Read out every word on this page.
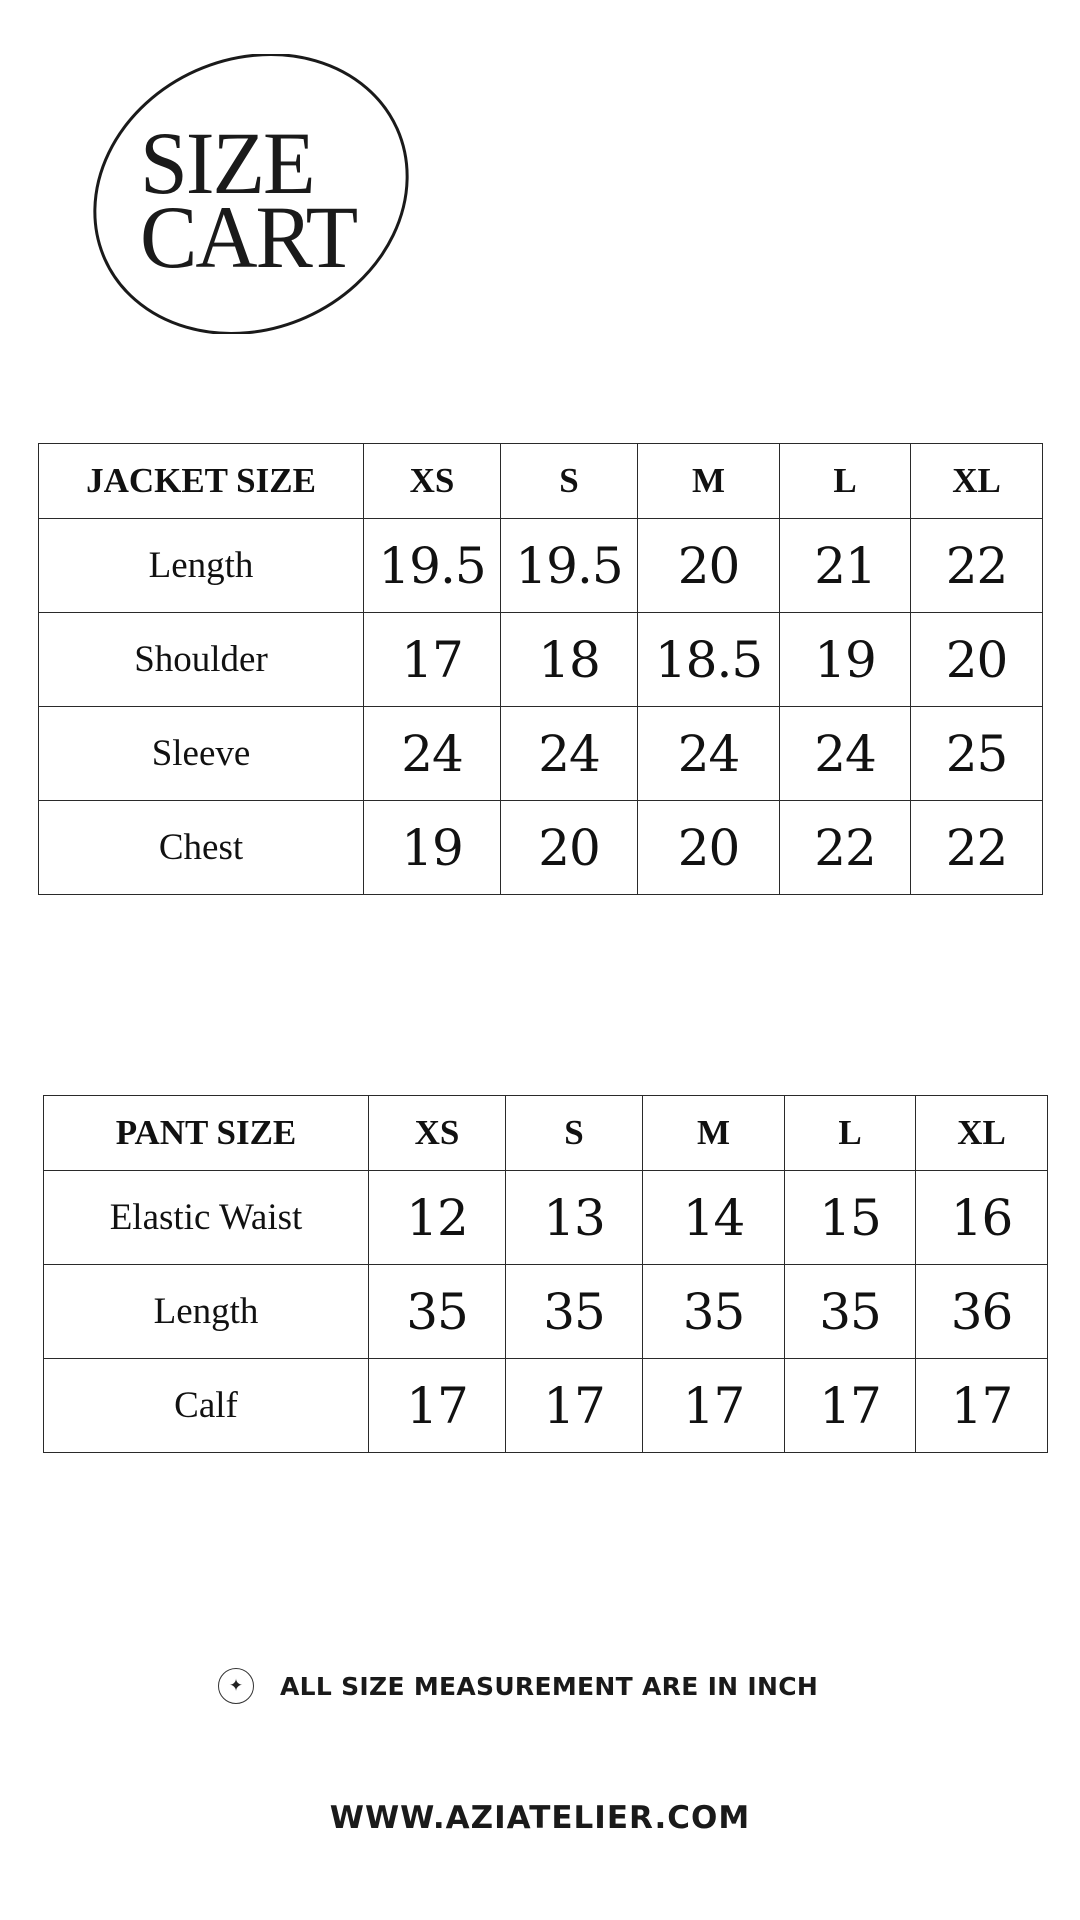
SIZE
CART
JACKET SIZE	XS	S	M	L	XL
Length	19.5	19.5	20	21	22
Shoulder	17	18	18.5	19	20
Sleeve	24	24	24	24	25
Chest	19	20	20	22	22
PANT SIZE	XS	S	M	L	XL
Elastic Waist	12	13	14	15	16
Length	35	35	35	35	36
Calf	17	17	17	17	17
✦	ALL SIZE MEASUREMENT ARE IN INCH
WWW.AZIATELIER.COM
